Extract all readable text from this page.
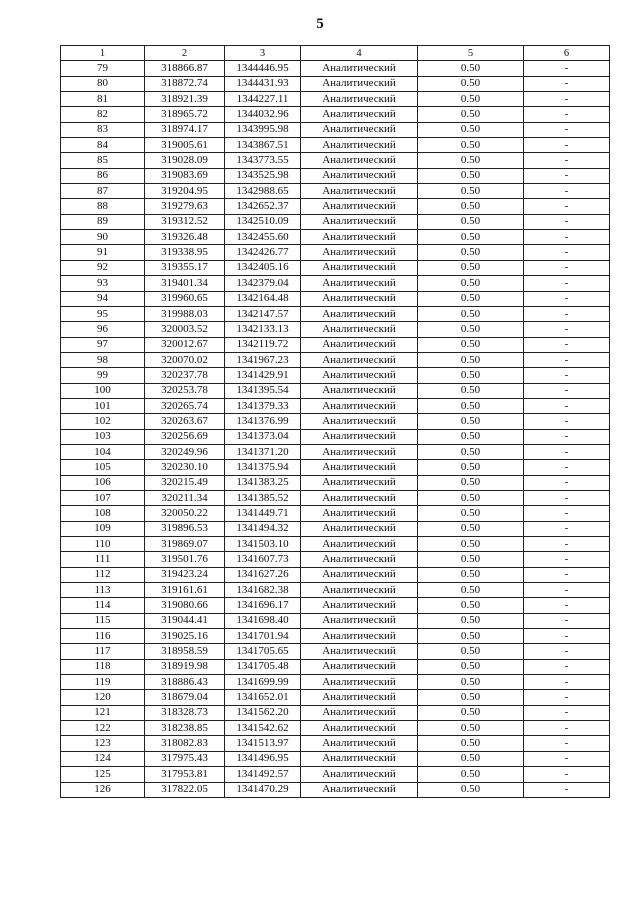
5
1	2	3	4	5	6
79	318866.87	1344446.95	Аналитический	0.50	-
80	318872.74	1344431.93	Аналитический	0.50	-
81	318921.39	1344227.11	Аналитический	0.50	-
82	318965.72	1344032.96	Аналитический	0.50	-
83	318974.17	1343995.98	Аналитический	0.50	-
84	319005.61	1343867.51	Аналитический	0.50	-
85	319028.09	1343773.55	Аналитический	0.50	-
86	319083.69	1343525.98	Аналитический	0.50	-
87	319204.95	1342988.65	Аналитический	0.50	-
88	319279.63	1342652.37	Аналитический	0.50	-
89	319312.52	1342510.09	Аналитический	0.50	-
90	319326.48	1342455.60	Аналитический	0.50	-
91	319338.95	1342426.77	Аналитический	0.50	-
92	319355.17	1342405.16	Аналитический	0.50	-
93	319401.34	1342379.04	Аналитический	0.50	-
94	319960.65	1342164.48	Аналитический	0.50	-
95	319988.03	1342147.57	Аналитический	0.50	-
96	320003.52	1342133.13	Аналитический	0.50	-
97	320012.67	1342119.72	Аналитический	0.50	-
98	320070.02	1341967.23	Аналитический	0.50	-
99	320237.78	1341429.91	Аналитический	0.50	-
100	320253.78	1341395.54	Аналитический	0.50	-
101	320265.74	1341379.33	Аналитический	0.50	-
102	320263.67	1341376.99	Аналитический	0.50	-
103	320256.69	1341373.04	Аналитический	0.50	-
104	320249.96	1341371.20	Аналитический	0.50	-
105	320230.10	1341375.94	Аналитический	0.50	-
106	320215.49	1341383.25	Аналитический	0.50	-
107	320211.34	1341385.52	Аналитический	0.50	-
108	320050.22	1341449.71	Аналитический	0.50	-
109	319896.53	1341494.32	Аналитический	0.50	-
110	319869.07	1341503.10	Аналитический	0.50	-
111	319501.76	1341607.73	Аналитический	0.50	-
112	319423.24	1341627.26	Аналитический	0.50	-
113	319161.61	1341682.38	Аналитический	0.50	-
114	319080.66	1341696.17	Аналитический	0.50	-
115	319044.41	1341698.40	Аналитический	0.50	-
116	319025.16	1341701.94	Аналитический	0.50	-
117	318958.59	1341705.65	Аналитический	0.50	-
118	318919.98	1341705.48	Аналитический	0.50	-
119	318886.43	1341699.99	Аналитический	0.50	-
120	318679.04	1341652.01	Аналитический	0.50	-
121	318328.73	1341562.20	Аналитический	0.50	-
122	318238.85	1341542.62	Аналитический	0.50	-
123	318082.83	1341513.97	Аналитический	0.50	-
124	317975.43	1341496.95	Аналитический	0.50	-
125	317953.81	1341492.57	Аналитический	0.50	-
126	317822.05	1341470.29	Аналитический	0.50	-
